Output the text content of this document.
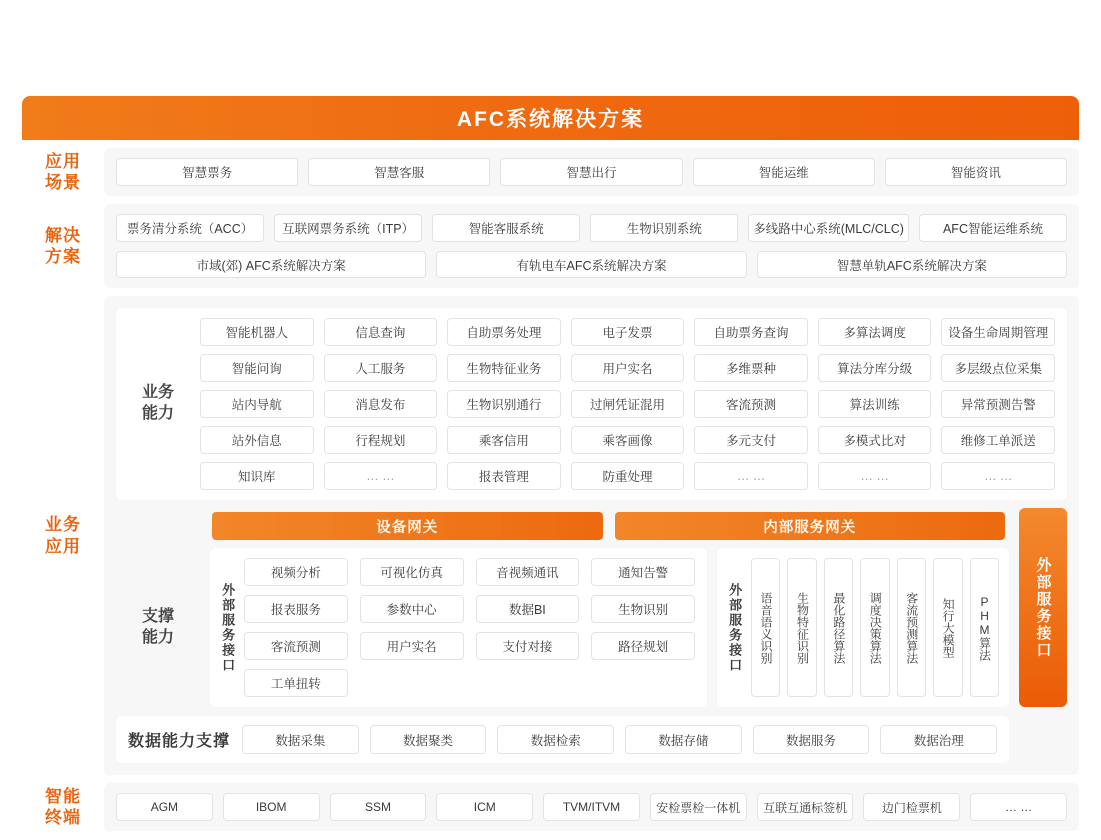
AFC系统解决方案
应用
场景	智慧票务	智慧客服	智慧出行	智能运维	智能资讯
解决
方案
票务清分系统（ACC）	互联网票务系统（ITP）	智能客服系统	生物识别系统	多线路中心系统(MLC/CLC)	AFC智能运维系统
市域(郊) AFC系统解决方案	有轨电车AFC系统解决方案	智慧单轨AFC系统解决方案
业务
应用
业务
能力
智能机器人	信息查询	自助票务处理	电子发票	自助票务查询	多算法调度	设备生命周期管理
智能问询	人工服务	生物特征业务	用户实名	多维票种	算法分库分级	多层级点位采集
站内导航	消息发布	生物识别通行	过闸凭证混用	客流预测	算法训练	异常预测告警
站外信息	行程规划	乘客信用	乘客画像	多元支付	多模式比对	维修工单派送
知识库	… …	报表管理	防重处理	… …	… …	… …
设备网关	内部服务网关
支撑
能力	外部服务接口
视频分析	可视化仿真	音视频通讯	通知告警
报表服务	参数中心	数据BI	生物识别
客流预测	用户实名	支付对接	路径规划
工单扭转
外部服务接口	语音语义识别	生物特征识别	最化路径算法	调度决策算法	客流预测算法	知行大模型	PHM算法	外部服务接口
数据能力支撑	数据采集	数据聚类	数据检索	数据存储	数据服务	数据治理
智能
终端
AGM	IBOM	SSM	ICM	TVM/ITVM	安检票检一体机	互联互通标签机	边门检票机	… …
